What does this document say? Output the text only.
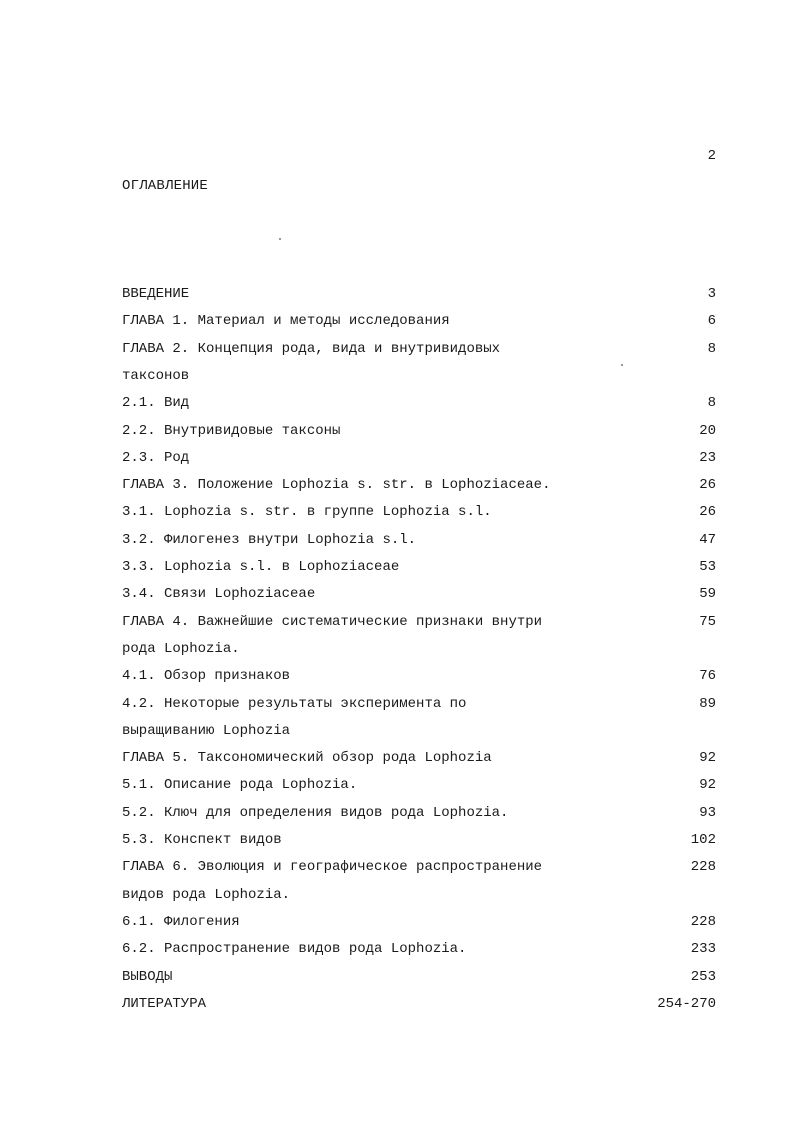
2
ОГЛАВЛЕНИЕ
ВВЕДЕНИЕ	3
ГЛАВА 1. Материал и методы исследования	6
ГЛАВА 2. Концепция рода, вида и внутривидовых	8
таксонов
2.1. Вид	8
2.2. Внутривидовые таксоны	20
2.3. Род	23
ГЛАВА 3. Положение Lophozia s. str. в Lophoziaceae.	26
3.1. Lophozia s. str. в группе Lophozia s.l.	26
3.2. Филогенез внутри Lophozia s.l.	47
3.3. Lophozia s.l. в Lophoziaceae	53
3.4. Связи Lophoziaceae	59
ГЛАВА 4. Важнейшие систематические признаки внутри	75
рода Lophozia.
4.1. Обзор признаков	76
4.2. Некоторые результаты эксперимента по	89
выращиванию Lophozia
ГЛАВА 5. Таксономический обзор рода Lophozia	92
5.1. Описание рода Lophozia.	92
5.2. Ключ для определения видов рода Lophozia.	93
5.3. Конспект видов	102
ГЛАВА 6. Эволюция и географическое распространение	228
видов рода Lophozia.
6.1. Филогения	228
6.2. Распространение видов рода Lophozia.	233
ВЫВОДЫ	253
ЛИТЕРАТУРА	254-270
